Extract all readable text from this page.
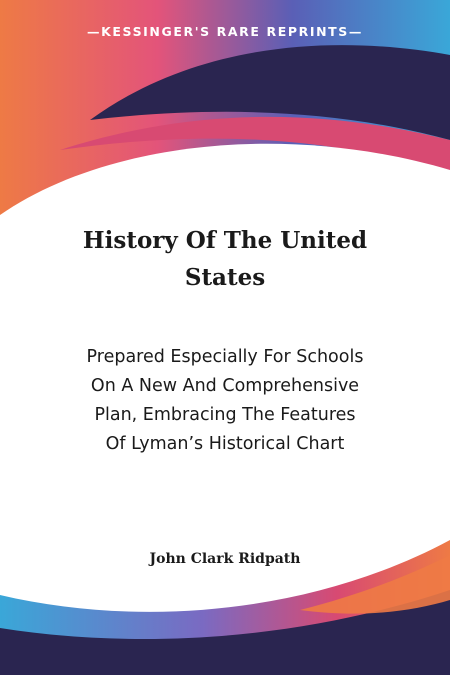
—KESSINGER'S RARE REPRINTS—
History Of The United
States
Prepared Especially For Schools
On A New And Comprehensive
Plan, Embracing The Features
Of Lyman’s Historical Chart
John Clark Ridpath
